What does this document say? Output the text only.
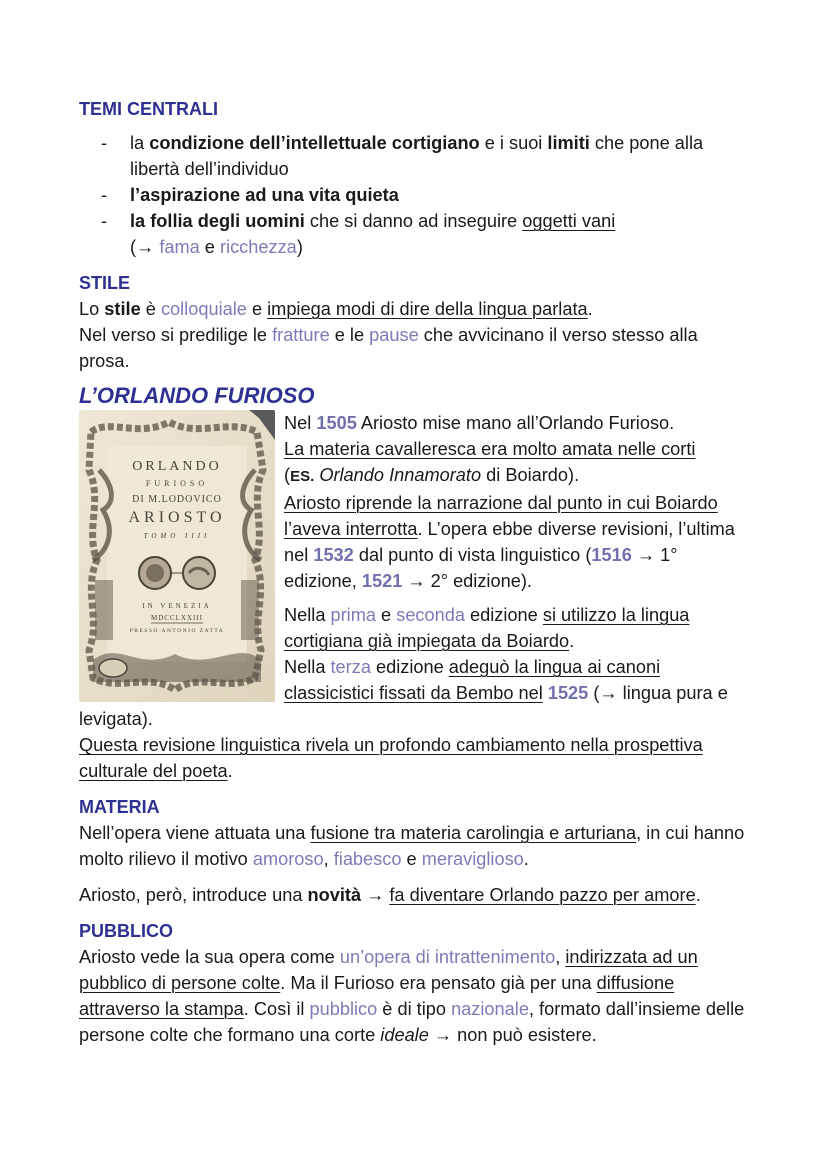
TEMI CENTRALI
- la condizione dell’intellettuale cortigiano e i suoi limiti che pone alla libertà dell’individuo
- l’aspirazione ad una vita quieta
- la follia degli uomini che si danno ad inseguire oggetti vani
(→ fama e ricchezza)
STILE

Lo stile è colloquiale e impiega modi di dire della lingua parlata.

Nel verso si predilige le fratture e le pause che avvicinano il verso stesso alla prosa.

L’ORLANDO FURIOSO
ORLANDO
FURIOSO
DI M.LODOVICO
ARIOSTO
TOMO IIII
IN VENEZIA
MDCCLXXIII
PRESSO ANTONIO ZATTA

Nel 1505 Ariosto mise mano all’Orlando Furioso.
La materia cavalleresca era molto amata nelle corti
(ES. Orlando Innamorato di Boiardo).
Ariosto riprende la narrazione dal punto in cui Boiardo l’aveva interrotta. L’opera ebbe diverse revisioni, l’ultima nel 1532 dal punto di vista linguistico (1516 → 1° edizione, 1521 → 2° edizione).

Nella prima e seconda edizione si utilizzo la lingua cortigiana già impiegata da Boiardo.
Nella terza edizione adeguò la lingua ai canoni classicistici fissati da Bembo nel 1525 (→ lingua pura e levigata).
Questa revisione linguistica rivela un profondo cambiamento nella prospettiva culturale del poeta.

MATERIA

Nell’opera viene attuata una fusione tra materia carolingia e arturiana, in cui hanno molto rilievo il motivo amoroso, fiabesco e meraviglioso.

Ariosto, però, introduce una novità → fa diventare Orlando pazzo per amore.

PUBBLICO

Ariosto vede la sua opera come un’opera di intrattenimento, indirizzata ad un pubblico di persone colte. Ma il Furioso era pensato già per una diffusione attraverso la stampa. Così il pubblico è di tipo nazionale, formato dall’insieme delle persone colte che formano una corte ideale → non può esistere.
